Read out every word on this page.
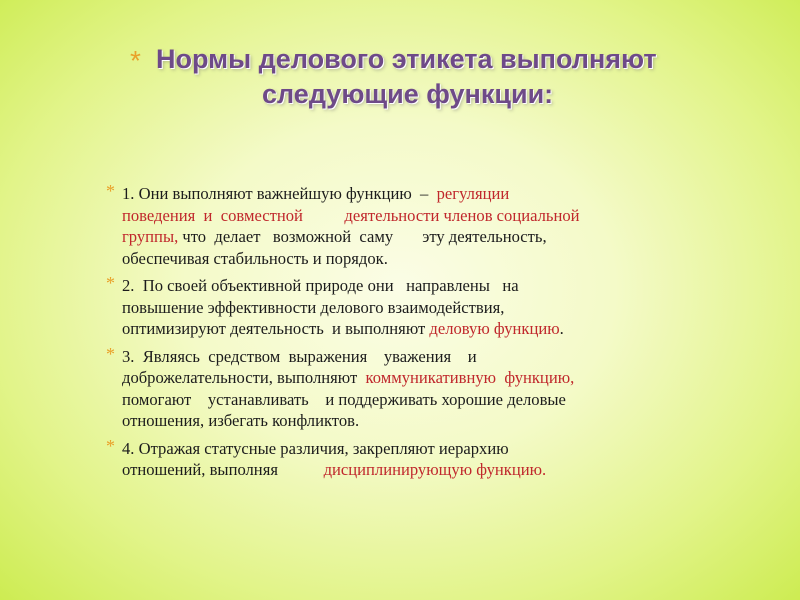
* Нормы делового этикета выполняют
следующие функции:
* 1. Они выполняют важнейшую функцию  –  регуляции
поведения  и  совместной          деятельности членов социальной
группы, что  делает   возможной  саму       эту деятельность,
обеспечивая стабильность и порядок.
* 2.  По своей объективной природе они   направлены   на
повышение эффективности делового взаимодействия,
оптимизируют деятельность  и выполняют деловую функцию.
* 3.  Являясь  средством  выражения    уважения    и
доброжелательности, выполняют  коммуникативную  функцию,
помогают    устанавливать    и поддерживать хорошие деловые
отношения, избегать конфликтов.
* 4. Отражая статусные различия, закрепляют иерархию
отношений, выполняя           дисциплинирующую функцию.
